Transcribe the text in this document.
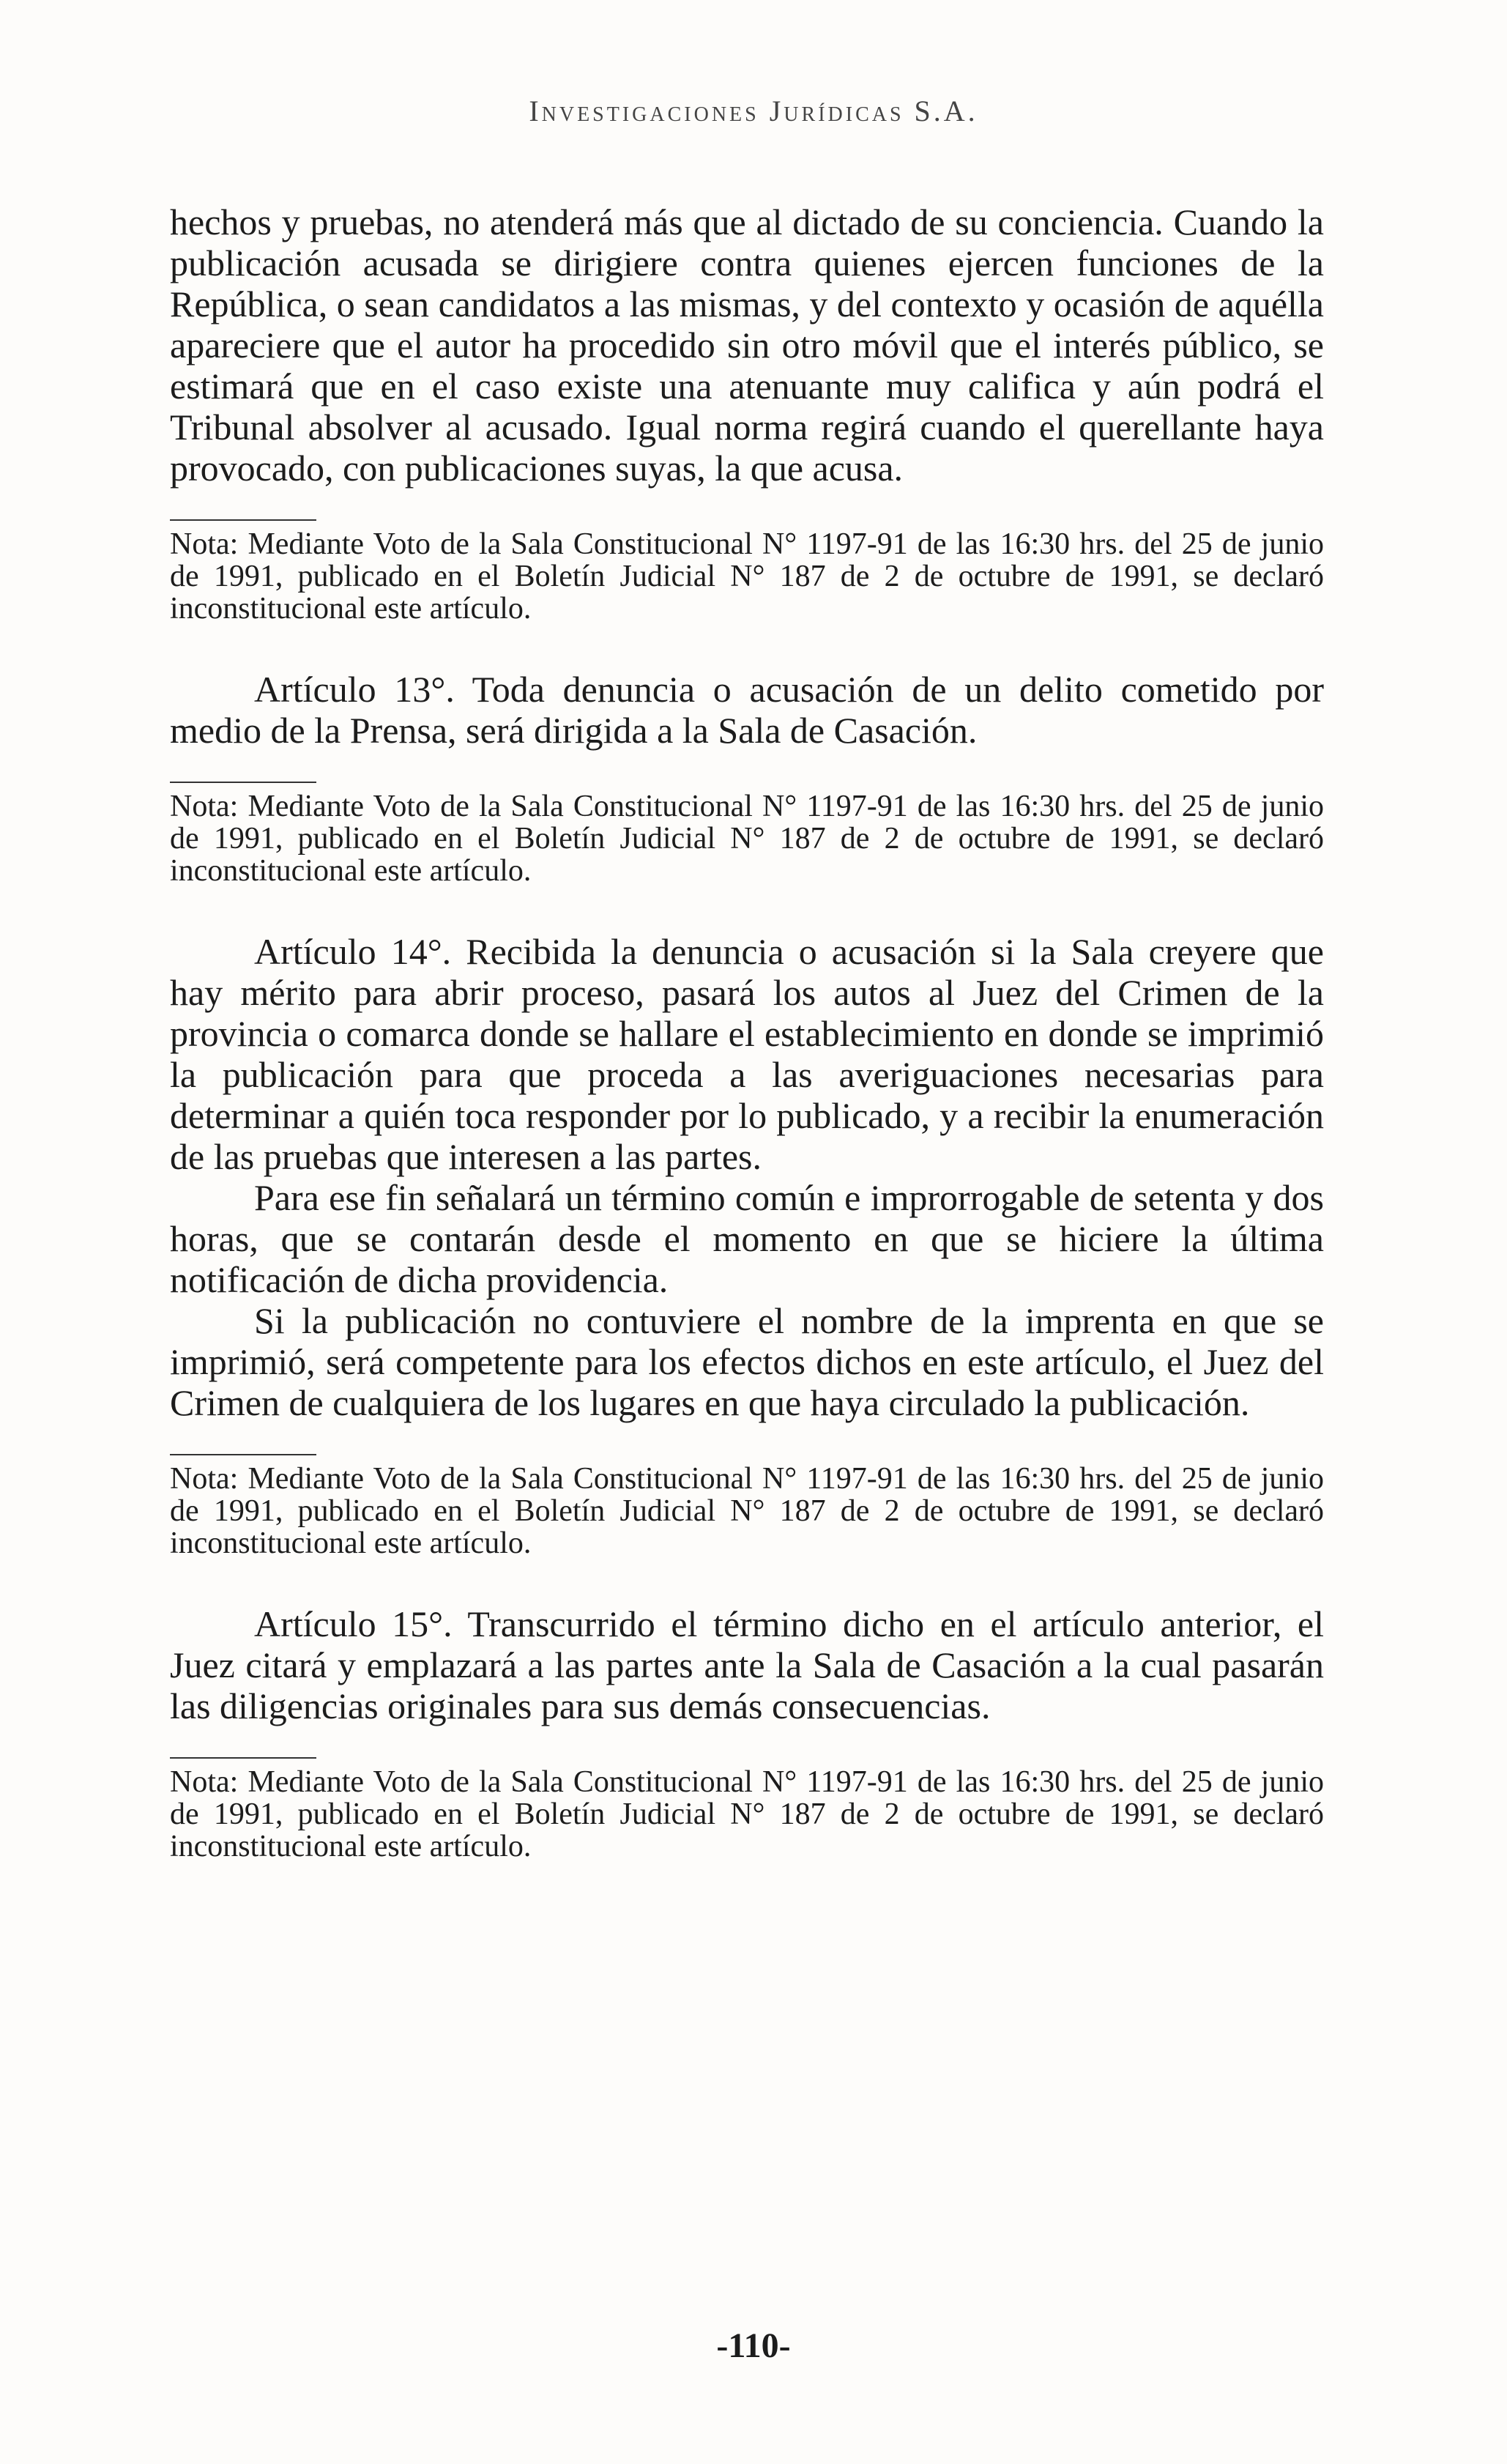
Investigaciones Jurídicas S.A.

hechos y pruebas, no atenderá más que al dictado de su conciencia. Cuando la publicación acusada se dirigiere contra quienes ejercen funciones de la República, o sean candidatos a las mismas, y del contexto y ocasión de aquélla apareciere que el autor ha procedido sin otro móvil que el interés público, se estimará que en el caso existe una atenuante muy califica y aún podrá el Tribunal absolver al acusado. Igual norma regirá cuando el querellante haya provocado, con publicaciones suyas, la que acusa.

Nota: Mediante Voto de la Sala Constitucional N° 1197-91 de las 16:30 hrs. del 25 de junio de 1991, publicado en el Boletín Judicial N° 187 de 2 de octubre de 1991, se declaró inconstitucional este artículo.

Artículo 13°. Toda denuncia o acusación de un delito cometido por medio de la Prensa, será dirigida a la Sala de Casación.

Nota: Mediante Voto de la Sala Constitucional N° 1197-91 de las 16:30 hrs. del 25 de junio de 1991, publicado en el Boletín Judicial N° 187 de 2 de octubre de 1991, se declaró inconstitucional este artículo.

Artículo 14°. Recibida la denuncia o acusación si la Sala creyere que hay mérito para abrir proceso, pasará los autos al Juez del Crimen de la provincia o comarca donde se hallare el establecimiento en donde se imprimió la publicación para que proceda a las averiguaciones necesarias para determinar a quién toca responder por lo publicado, y a recibir la enumeración de las pruebas que interesen a las partes.

Para ese fin señalará un término común e improrrogable de setenta y dos horas, que se contarán desde el momento en que se hiciere la última notificación de dicha providencia.

Si la publicación no contuviere el nombre de la imprenta en que se imprimió, será competente para los efectos dichos en este artículo, el Juez del Crimen de cualquiera de los lugares en que haya circulado la publicación.

Nota: Mediante Voto de la Sala Constitucional N° 1197-91 de las 16:30 hrs. del 25 de junio de 1991, publicado en el Boletín Judicial N° 187 de 2 de octubre de 1991, se declaró inconstitucional este artículo.

Artículo 15°. Transcurrido el término dicho en el artículo anterior, el Juez citará y emplazará a las partes ante la Sala de Casación a la cual pasarán las diligencias originales para sus demás consecuencias.

Nota: Mediante Voto de la Sala Constitucional N° 1197-91 de las 16:30 hrs. del 25 de junio de 1991, publicado en el Boletín Judicial N° 187 de 2 de octubre de 1991, se declaró inconstitucional este artículo.

-110-
